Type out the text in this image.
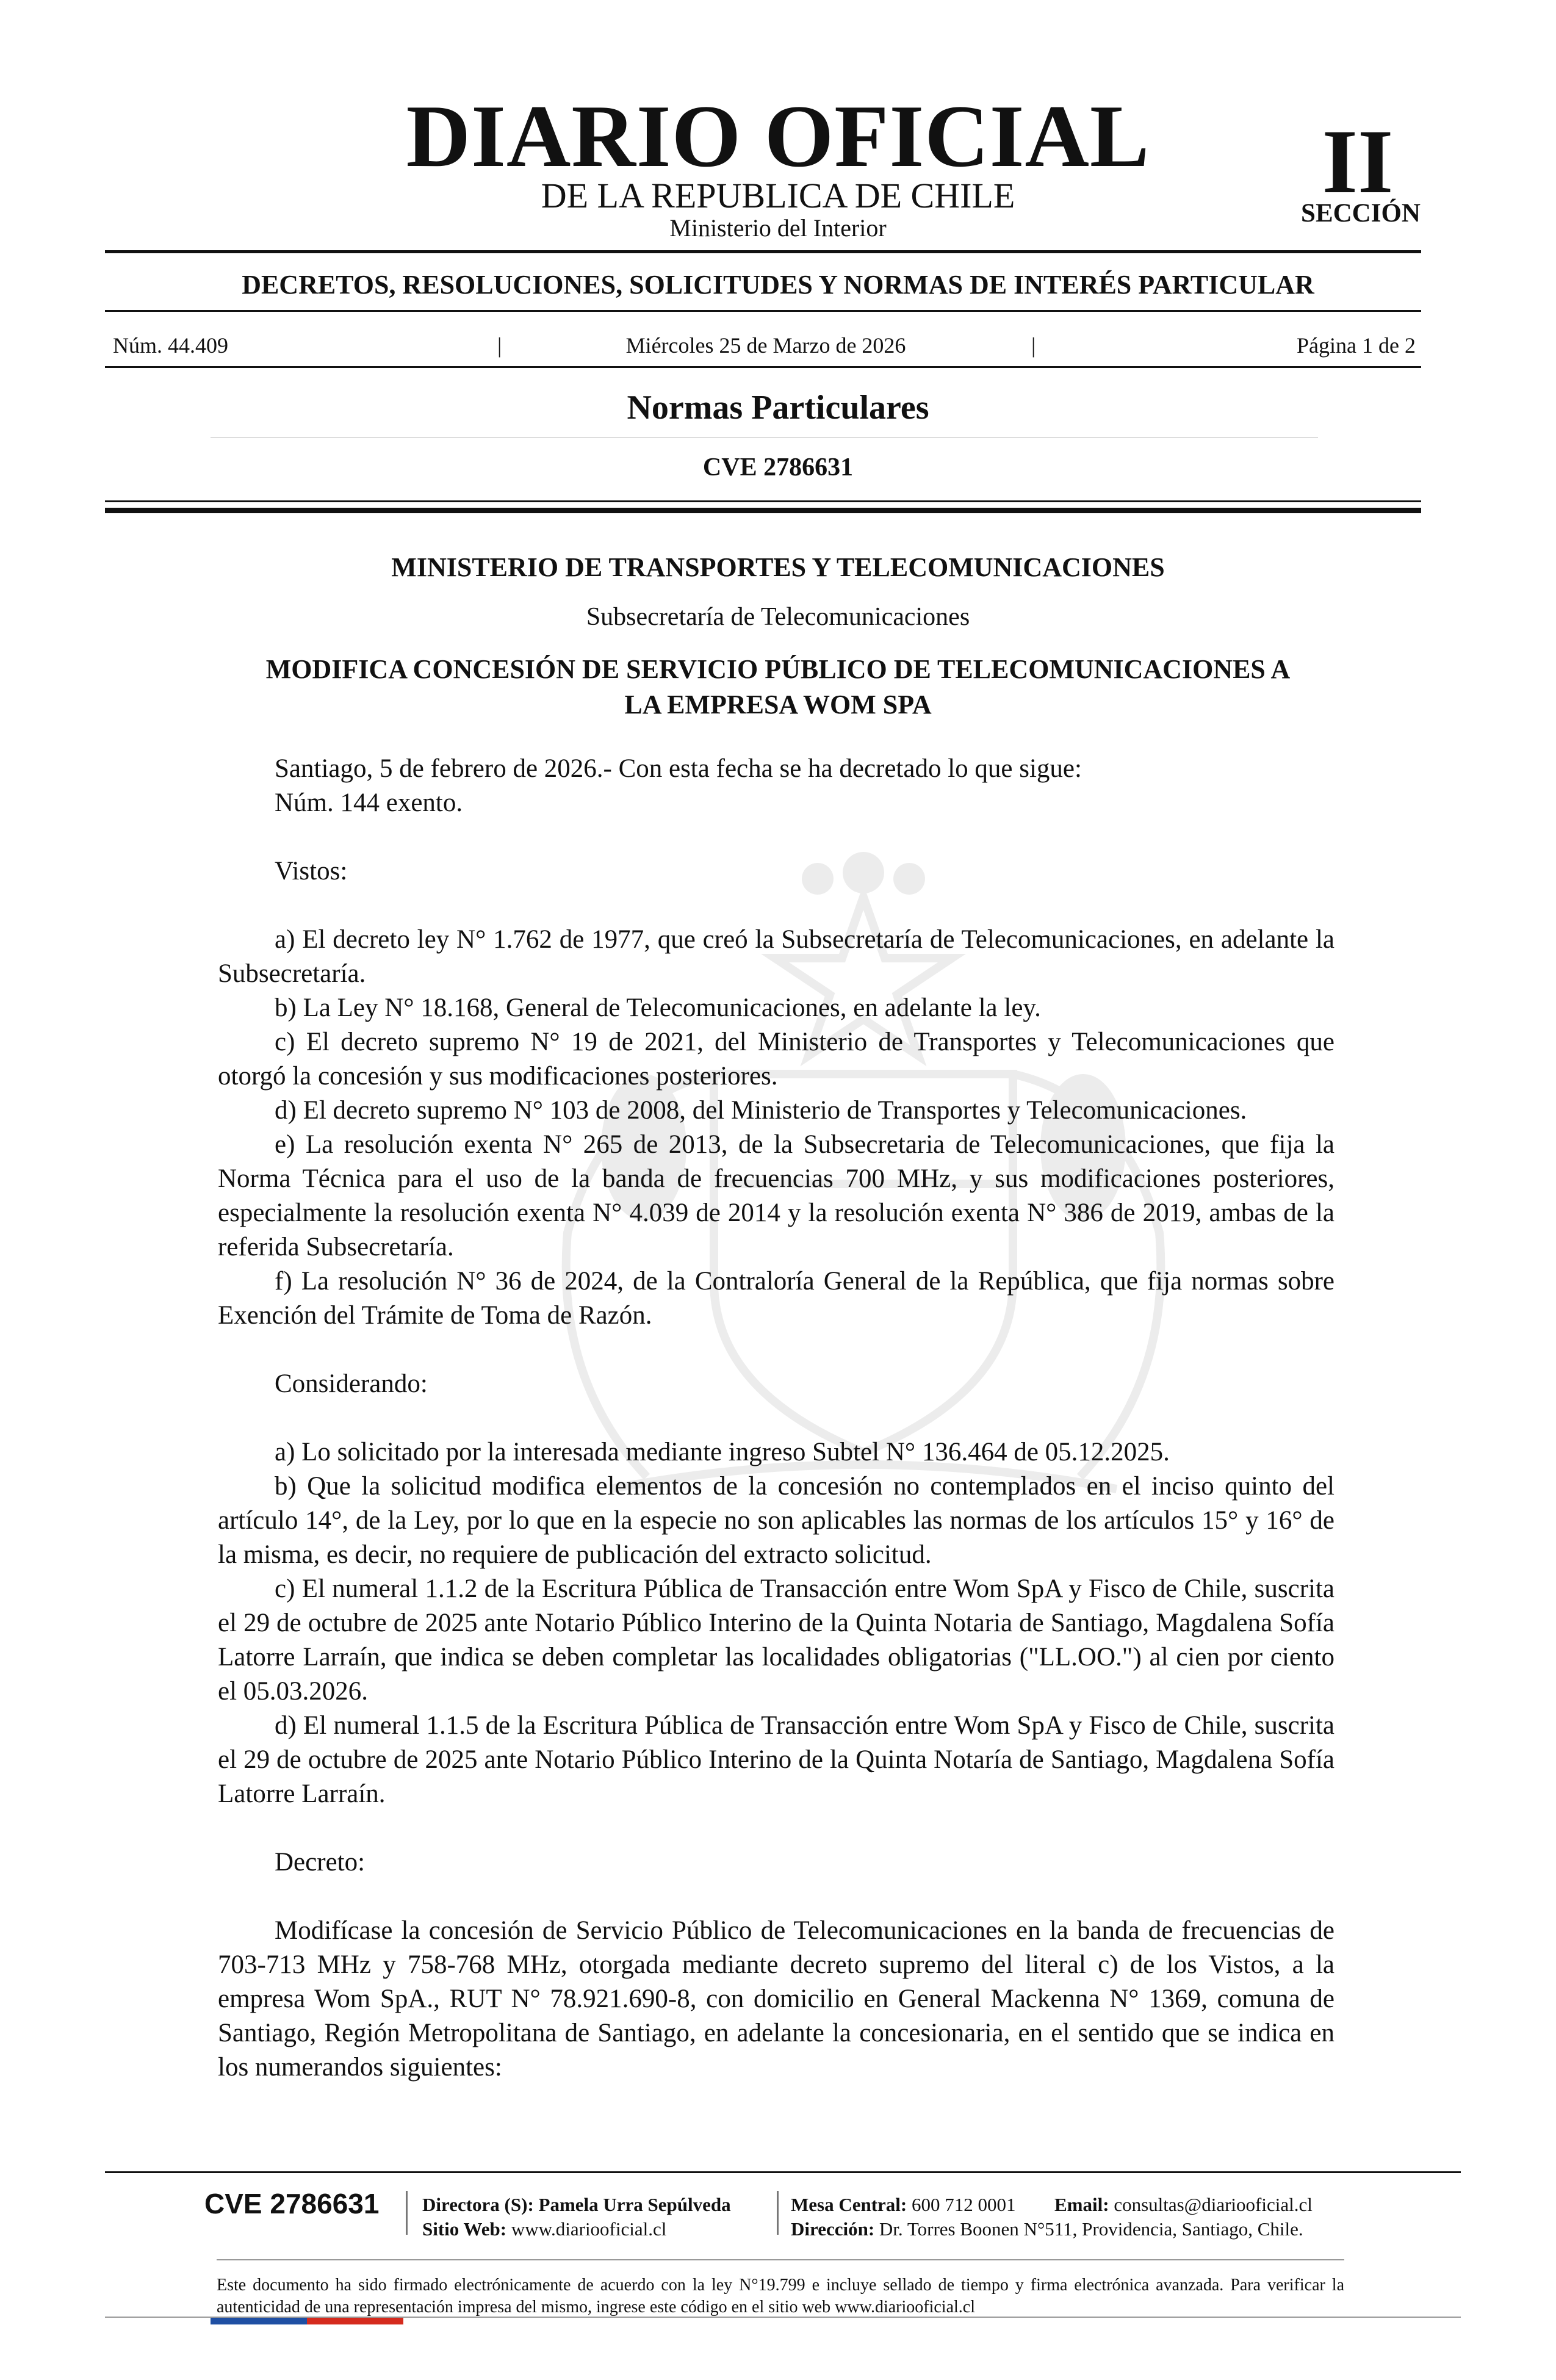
DIARIO OFICIAL
DE LA REPUBLICA DE CHILE
Ministerio del Interior
II
SECCIÓN
DECRETOS, RESOLUCIONES, SOLICITUDES Y NORMAS DE INTERÉS PARTICULAR
Núm. 44.409	|	Miércoles 25 de Marzo de 2026	|	Página 1 de 2
Normas Particulares
CVE 2786631
MINISTERIO DE TRANSPORTES Y TELECOMUNICACIONES
Subsecretaría de Telecomunicaciones
MODIFICA CONCESIÓN DE SERVICIO PÚBLICO DE TELECOMUNICACIONES A
LA EMPRESA WOM SPA

Santiago, 5 de febrero de 2026.- Con esta fecha se ha decretado lo que sigue:

Núm. 144 exento.

Vistos:

a) El decreto ley N° 1.762 de 1977, que creó la Subsecretaría de Telecomunicaciones, en adelante la Subsecretaría.

b) La Ley N° 18.168, General de Telecomunicaciones, en adelante la ley.

c) El decreto supremo N° 19 de 2021, del Ministerio de Transportes y Telecomunicaciones que otorgó la concesión y sus modificaciones posteriores.

d) El decreto supremo N° 103 de 2008, del Ministerio de Transportes y Telecomunicaciones.

e) La resolución exenta N° 265 de 2013, de la Subsecretaria de Telecomunicaciones, que fija la Norma Técnica para el uso de la banda de frecuencias 700 MHz, y sus modificaciones posteriores, especialmente la resolución exenta N° 4.039 de 2014 y la resolución exenta N° 386 de 2019, ambas de la referida Subsecretaría.

f) La resolución N° 36 de 2024, de la Contraloría General de la República, que fija normas sobre Exención del Trámite de Toma de Razón.

Considerando:

a) Lo solicitado por la interesada mediante ingreso Subtel N° 136.464 de 05.12.2025.

b) Que la solicitud modifica elementos de la concesión no contemplados en el inciso quinto del artículo 14°, de la Ley, por lo que en la especie no son aplicables las normas de los artículos 15° y 16° de la misma, es decir, no requiere de publicación del extracto solicitud.

c) El numeral 1.1.2 de la Escritura Pública de Transacción entre Wom SpA y Fisco de Chile, suscrita el 29 de octubre de 2025 ante Notario Público Interino de la Quinta Notaria de Santiago, Magdalena Sofía Latorre Larraín, que indica se deben completar las localidades obligatorias ("LL.OO.") al cien por ciento el 05.03.2026.

d) El numeral 1.1.5 de la Escritura Pública de Transacción entre Wom SpA y Fisco de Chile, suscrita el 29 de octubre de 2025 ante Notario Público Interino de la Quinta Notaría de Santiago, Magdalena Sofía Latorre Larraín.

Decreto:

Modifícase la concesión de Servicio Público de Telecomunicaciones en la banda de frecuencias de 703-713 MHz y 758-768 MHz, otorgada mediante decreto supremo del literal c) de los Vistos, a la empresa Wom SpA., RUT N° 78.921.690-8, con domicilio en General Mackenna N° 1369, comuna de Santiago, Región Metropolitana de Santiago, en adelante la concesionaria, en el sentido que se indica en los numerandos siguientes:

CVE 2786631 Directora (S): Pamela Urra Sepúlveda
Sitio Web: www.diariooficial.cl
Mesa Central: 600 712 0001 Email: consultas@diariooficial.cl
Dirección: Dr. Torres Boonen N°511, Providencia, Santiago, Chile.
Este documento ha sido firmado electrónicamente de acuerdo con la ley N°19.799 e incluye sellado de tiempo y firma electrónica avanzada. Para verificar la autenticidad de una representación impresa del mismo, ingrese este código en el sitio web www.diariooficial.cl
